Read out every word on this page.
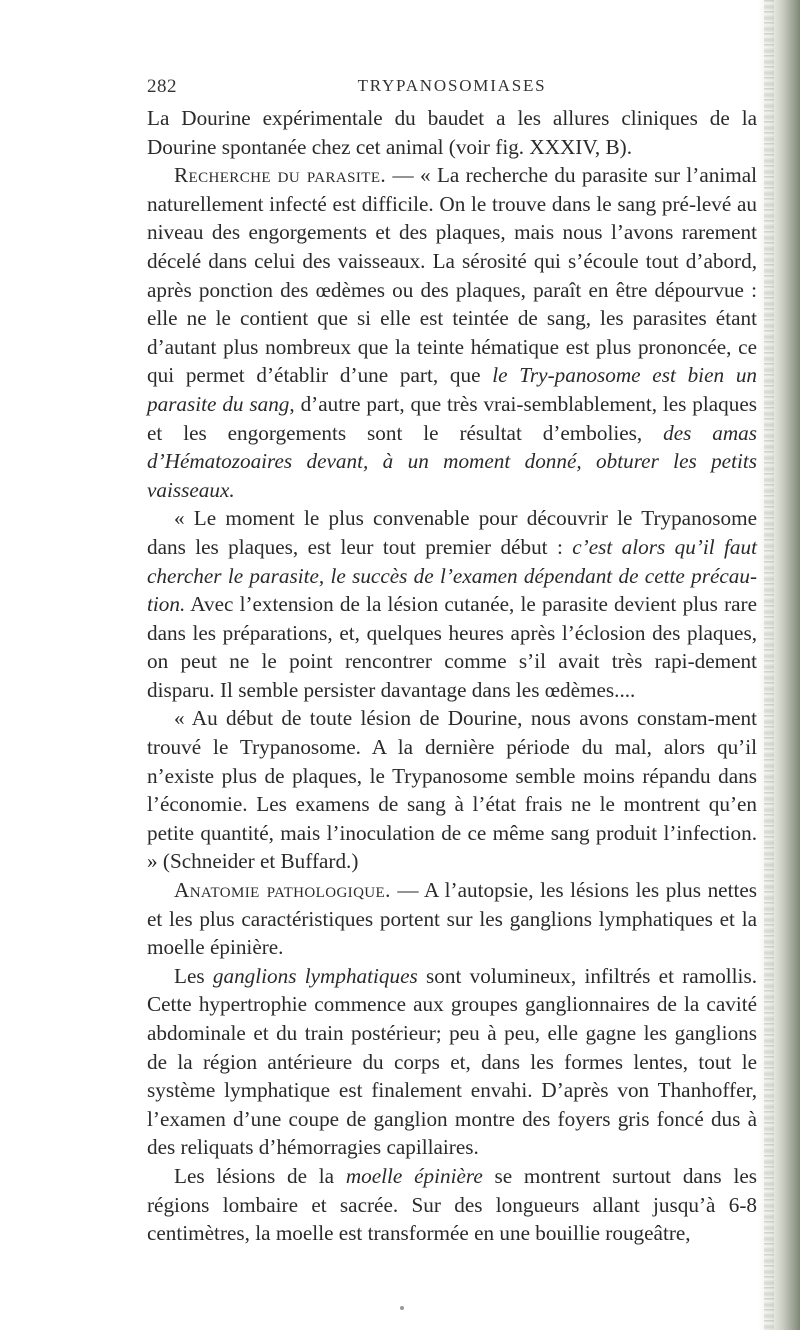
282	TRYPANOSOMIASES

La Dourine expérimentale du baudet a les allures cliniques de la Dourine spontanée chez cet animal (voir fig. XXXIV, B).

Recherche du parasite. — « La recherche du parasite sur l’animal naturellement infecté est difficile. On le trouve dans le sang pré-levé au niveau des engorgements et des plaques, mais nous l’avons rarement décelé dans celui des vaisseaux. La sérosité qui s’écoule tout d’abord, après ponction des œdèmes ou des plaques, paraît en être dépourvue : elle ne le contient que si elle est teintée de sang, les parasites étant d’autant plus nombreux que la teinte hématique est plus prononcée, ce qui permet d’établir d’une part, que le Try-panosome est bien un parasite du sang, d’autre part, que très vrai-semblablement, les plaques et les engorgements sont le résultat d’embolies, des amas d’Hématozoaires devant, à un moment donné, obturer les petits vaisseaux.

« Le moment le plus convenable pour découvrir le Trypanosome dans les plaques, est leur tout premier début : c’est alors qu’il faut chercher le parasite, le succès de l’examen dépendant de cette précau-tion. Avec l’extension de la lésion cutanée, le parasite devient plus rare dans les préparations, et, quelques heures après l’éclosion des plaques, on peut ne le point rencontrer comme s’il avait très rapi-dement disparu. Il semble persister davantage dans les œdèmes....

« Au début de toute lésion de Dourine, nous avons constam-ment trouvé le Trypanosome. A la dernière période du mal, alors qu’il n’existe plus de plaques, le Trypanosome semble moins répandu dans l’économie. Les examens de sang à l’état frais ne le montrent qu’en petite quantité, mais l’inoculation de ce même sang produit l’infection. » (Schneider et Buffard.)

Anatomie pathologique. — A l’autopsie, les lésions les plus nettes et les plus caractéristiques portent sur les ganglions lymphatiques et la moelle épinière.

Les ganglions lymphatiques sont volumineux, infiltrés et ramollis. Cette hypertrophie commence aux groupes ganglionnaires de la cavité abdominale et du train postérieur; peu à peu, elle gagne les ganglions de la région antérieure du corps et, dans les formes lentes, tout le système lymphatique est finalement envahi. D’après von Thanhoffer, l’examen d’une coupe de ganglion montre des foyers gris foncé dus à des reliquats d’hémorragies capillaires.

Les lésions de la moelle épinière se montrent surtout dans les régions lombaire et sacrée. Sur des longueurs allant jusqu’à 6-8 centimètres, la moelle est transformée en une bouillie rougeâtre,
